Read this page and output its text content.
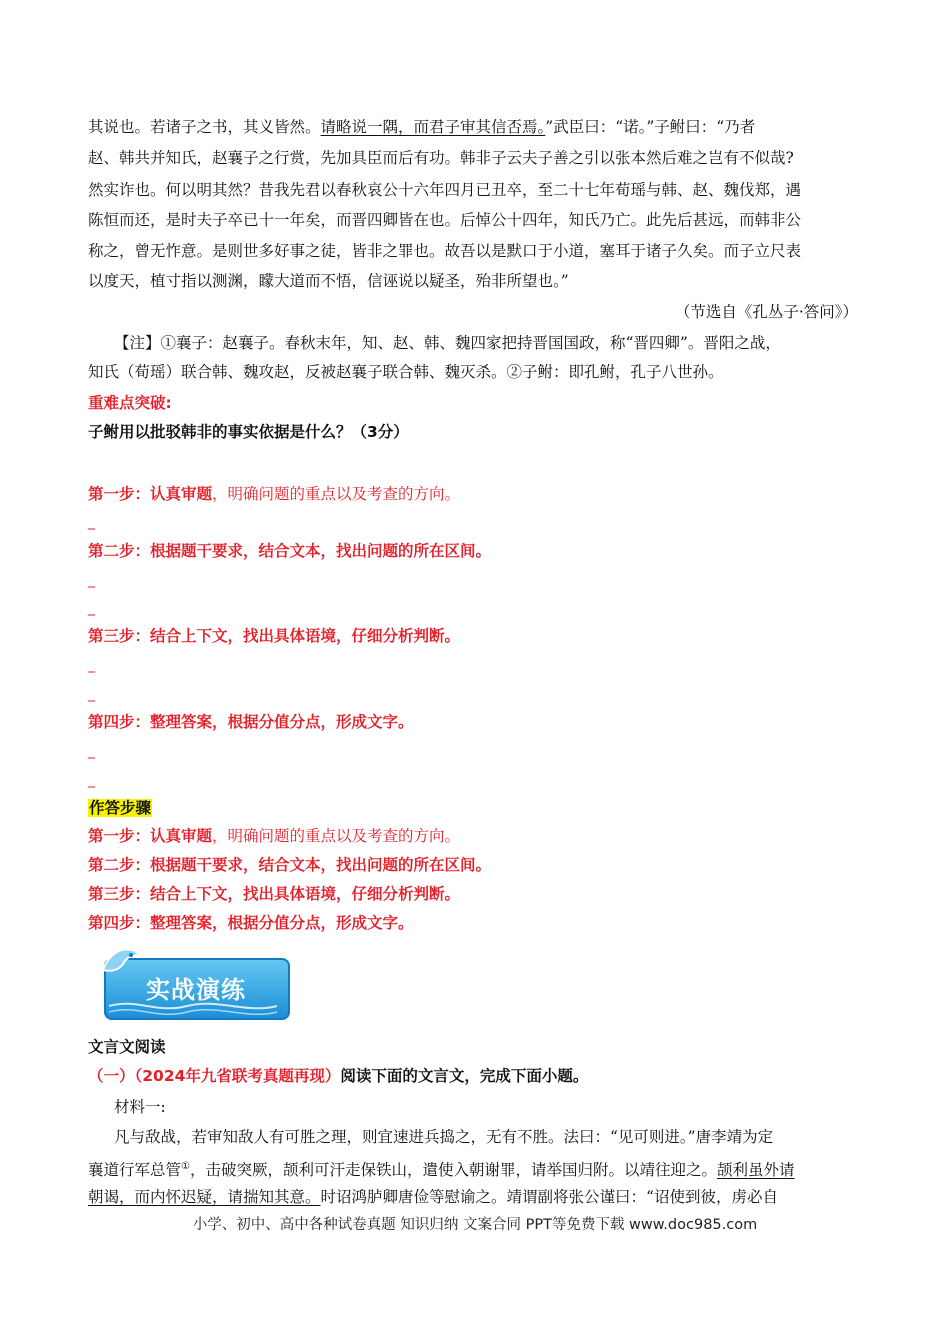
其说也。若诸子之书，其义皆然。请略说一隅，而君子审其信否焉。”武臣曰：“诺。”子鲋曰：“乃者
赵、韩共并知氏，赵襄子之行赏，先加具臣而后有功。韩非子云夫子善之引以张本然后难之岂有不似哉?
然实诈也。何以明其然？昔我先君以春秋哀公十六年四月已丑卒，至二十七年荀瑶与韩、赵、魏伐郑，遇
陈恒而还，是时夫子卒已十一年矣，而晋四卿皆在也。后悼公十四年，知氏乃亡。此先后甚远，而韩非公
称之，曾无怍意。是则世多好事之徒，皆非之罪也。故吾以是默口于小道，塞耳于诸子久矣。而子立尺表
以度天，植寸指以测渊，矇大道而不悟，信诬说以疑圣，殆非所望也。”
（节选自《孔丛子·答问》）
【注】①襄子：赵襄子。春秋末年，知、赵、韩、魏四家把持晋国国政，称“晋四卿”。晋阳之战，
知氏（荀瑶）联合韩、魏攻赵，反被赵襄子联合韩、魏灭杀。②子鲋：即孔鲋，孔子八世孙。
重难点突破:
子鲋用以批驳韩非的事实依据是什么？（3分）
第一步：认真审题，明确问题的重点以及考查的方向。
_
第二步：根据题干要求，结合文本，找出问题的所在区间。
_
_
第三步：结合上下文，找出具体语境，仔细分析判断。
_
_
第四步：整理答案，根据分值分点，形成文字。
_
_
作答步骤
第一步：认真审题，明确问题的重点以及考查的方向。
第二步：根据题干要求，结合文本，找出问题的所在区间。
第三步：结合上下文，找出具体语境，仔细分析判断。
第四步：整理答案，根据分值分点，形成文字。
实战演练
文言文阅读
（一）（2024年九省联考真题再现）阅读下面的文言文，完成下面小题。
材料一:
凡与敌战，若审知敌人有可胜之理，则宜速进兵捣之，无有不胜。法曰：“见可则进。”唐李靖为定
襄道行军总管①，击破突厥，颉利可汗走保铁山，遣使入朝谢罪，请举国归附。以靖往迎之。颉利虽外请
朝谒，而内怀迟疑，请揣知其意。时诏鸿胪卿唐俭等慰谕之。靖谓副将张公谨曰：“诏使到彼，虏必自
小学、初中、高中各种试卷真题 知识归纳 文案合同 PPT等免费下载 www.doc985.com
